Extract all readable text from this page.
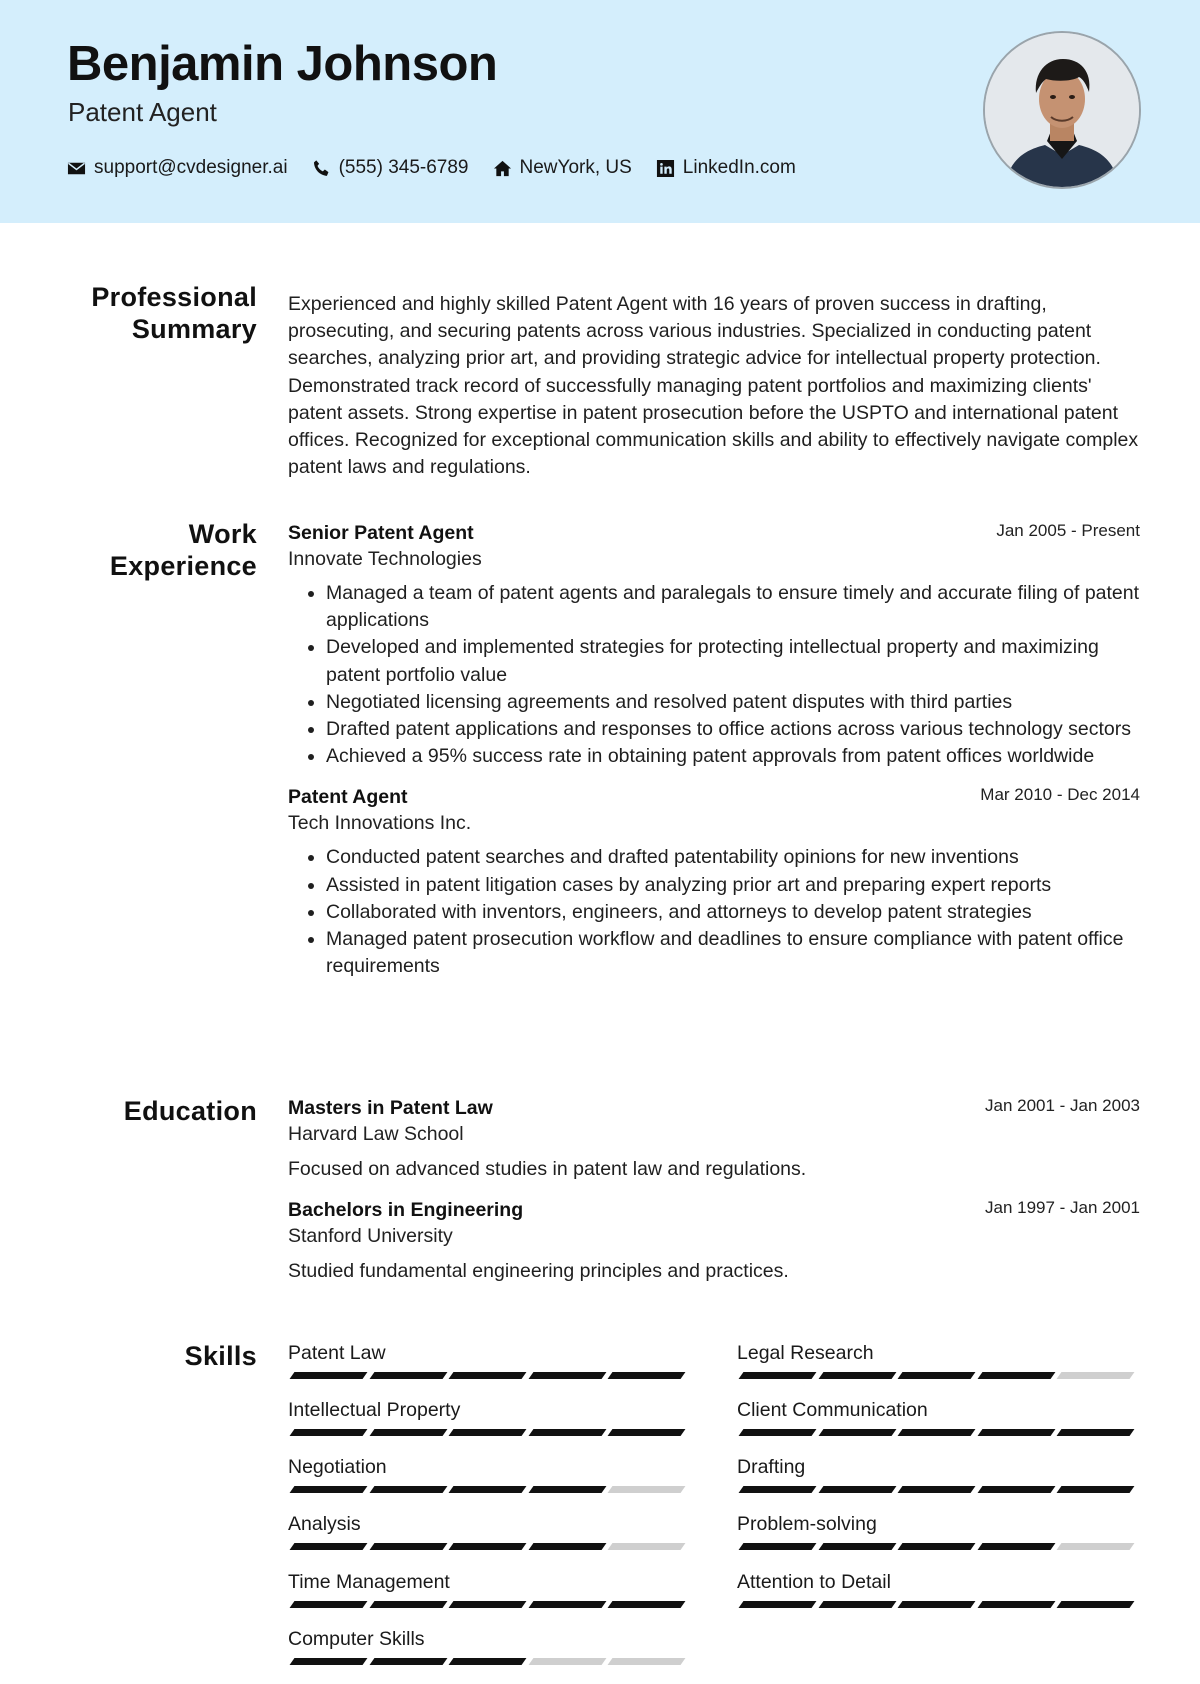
Benjamin Johnson
Patent Agent
support@cvdesigner.ai	(555) 345-6789	NewYork, US	LinkedIn.com
Professional Summary
Experienced and highly skilled Patent Agent with 16 years of proven success in drafting, prosecuting, and securing patents across various industries. Specialized in conducting patent searches, analyzing prior art, and providing strategic advice for intellectual property protection. Demonstrated track record of successfully managing patent portfolios and maximizing clients' patent assets. Strong expertise in patent prosecution before the USPTO and international patent offices. Recognized for exceptional communication skills and ability to effectively navigate complex patent laws and regulations.
Work Experience
Senior Patent Agent	Jan 2005 - Present
Innovate Technologies
• Managed a team of patent agents and paralegals to ensure timely and accurate filing of patent applications
• Developed and implemented strategies for protecting intellectual property and maximizing patent portfolio value
• Negotiated licensing agreements and resolved patent disputes with third parties
• Drafted patent applications and responses to office actions across various technology sectors
• Achieved a 95% success rate in obtaining patent approvals from patent offices worldwide
Patent Agent	Mar 2010 - Dec 2014
Tech Innovations Inc.
• Conducted patent searches and drafted patentability opinions for new inventions
• Assisted in patent litigation cases by analyzing prior art and preparing expert reports
• Collaborated with inventors, engineers, and attorneys to develop patent strategies
• Managed patent prosecution workflow and deadlines to ensure compliance with patent office requirements
Education Masters in Patent Law	Jan 2001 - Jan 2003
Harvard Law School
Focused on advanced studies in patent law and regulations.
Bachelors in Engineering	Jan 1997 - Jan 2001
Stanford University
Studied fundamental engineering principles and practices.
Skills Patent Law	Legal Research
Intellectual Property	Client Communication
Negotiation	Drafting
Analysis	Problem-solving
Time Management	Attention to Detail
Computer Skills
